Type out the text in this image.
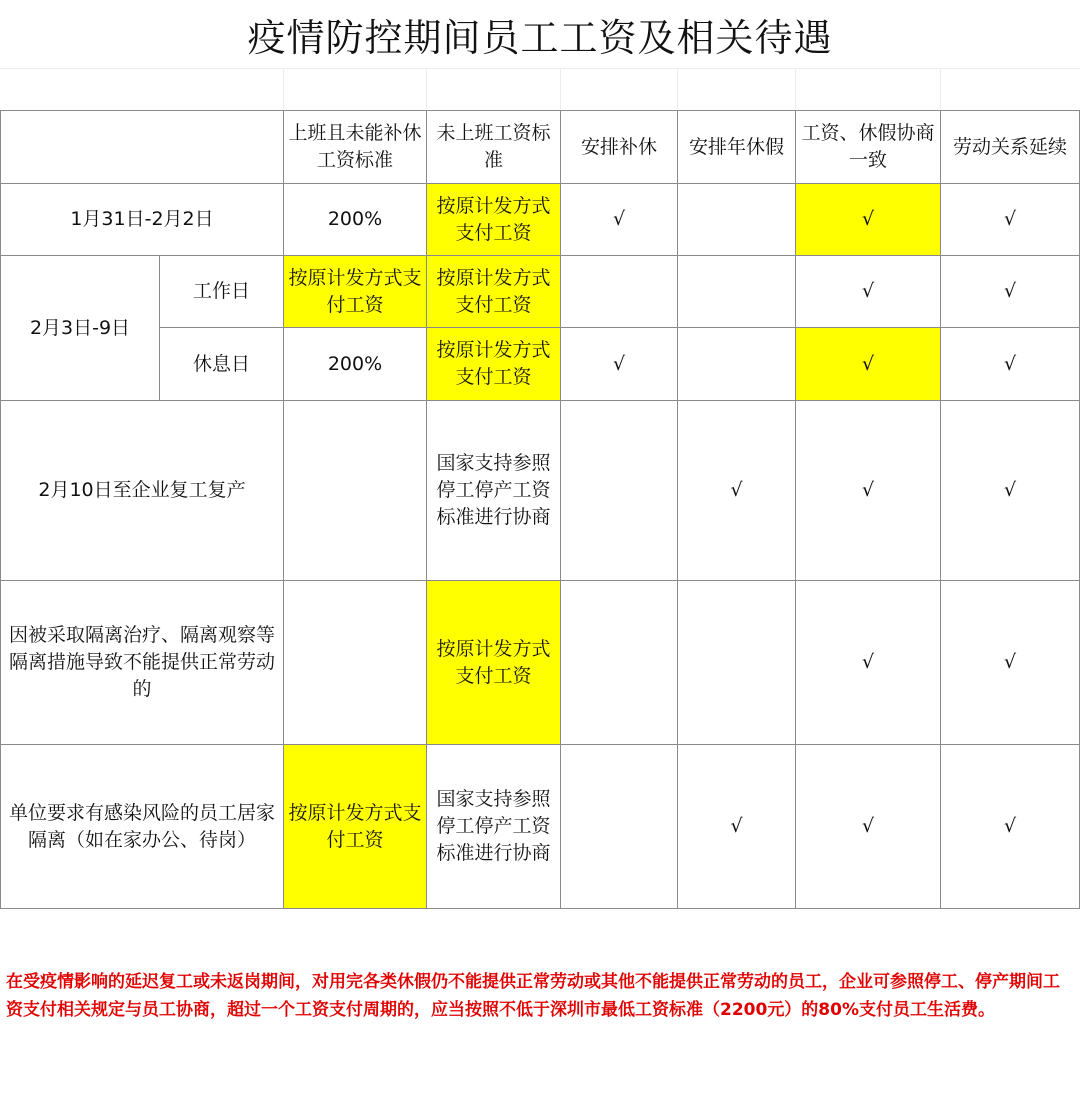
疫情防控期间员工工资及相关待遇
		上班且未能补休工资标准	未上班工资标准	安排补休	安排年休假	工资、休假协商一致	劳动关系延续
1月31日-2月2日		200%	按原计发方式支付工资	√		√	√
2月3日-9日	工作日	按原计发方式支付工资	按原计发方式支付工资			√	√
	休息日	200%	按原计发方式支付工资	√		√	√
2月10日至企业复工复产			国家支持参照停工停产工资标准进行协商		√	√	√
因被采取隔离治疗、隔离观察等隔离措施导致不能提供正常劳动的			按原计发方式支付工资			√	√
单位要求有感染风险的员工居家隔离（如在家办公、待岗）		按原计发方式支付工资	国家支持参照停工停产工资标准进行协商		√	√	√
在受疫情影响的延迟复工或未返岗期间，对用完各类休假仍不能提供正常劳动或其他不能提供正常劳动的员工，企业可参照停工、停产期间工资支付相关规定与员工协商，超过一个工资支付周期的，应当按照不低于深圳市最低工资标准（2200元）的80%支付员工生活费。
